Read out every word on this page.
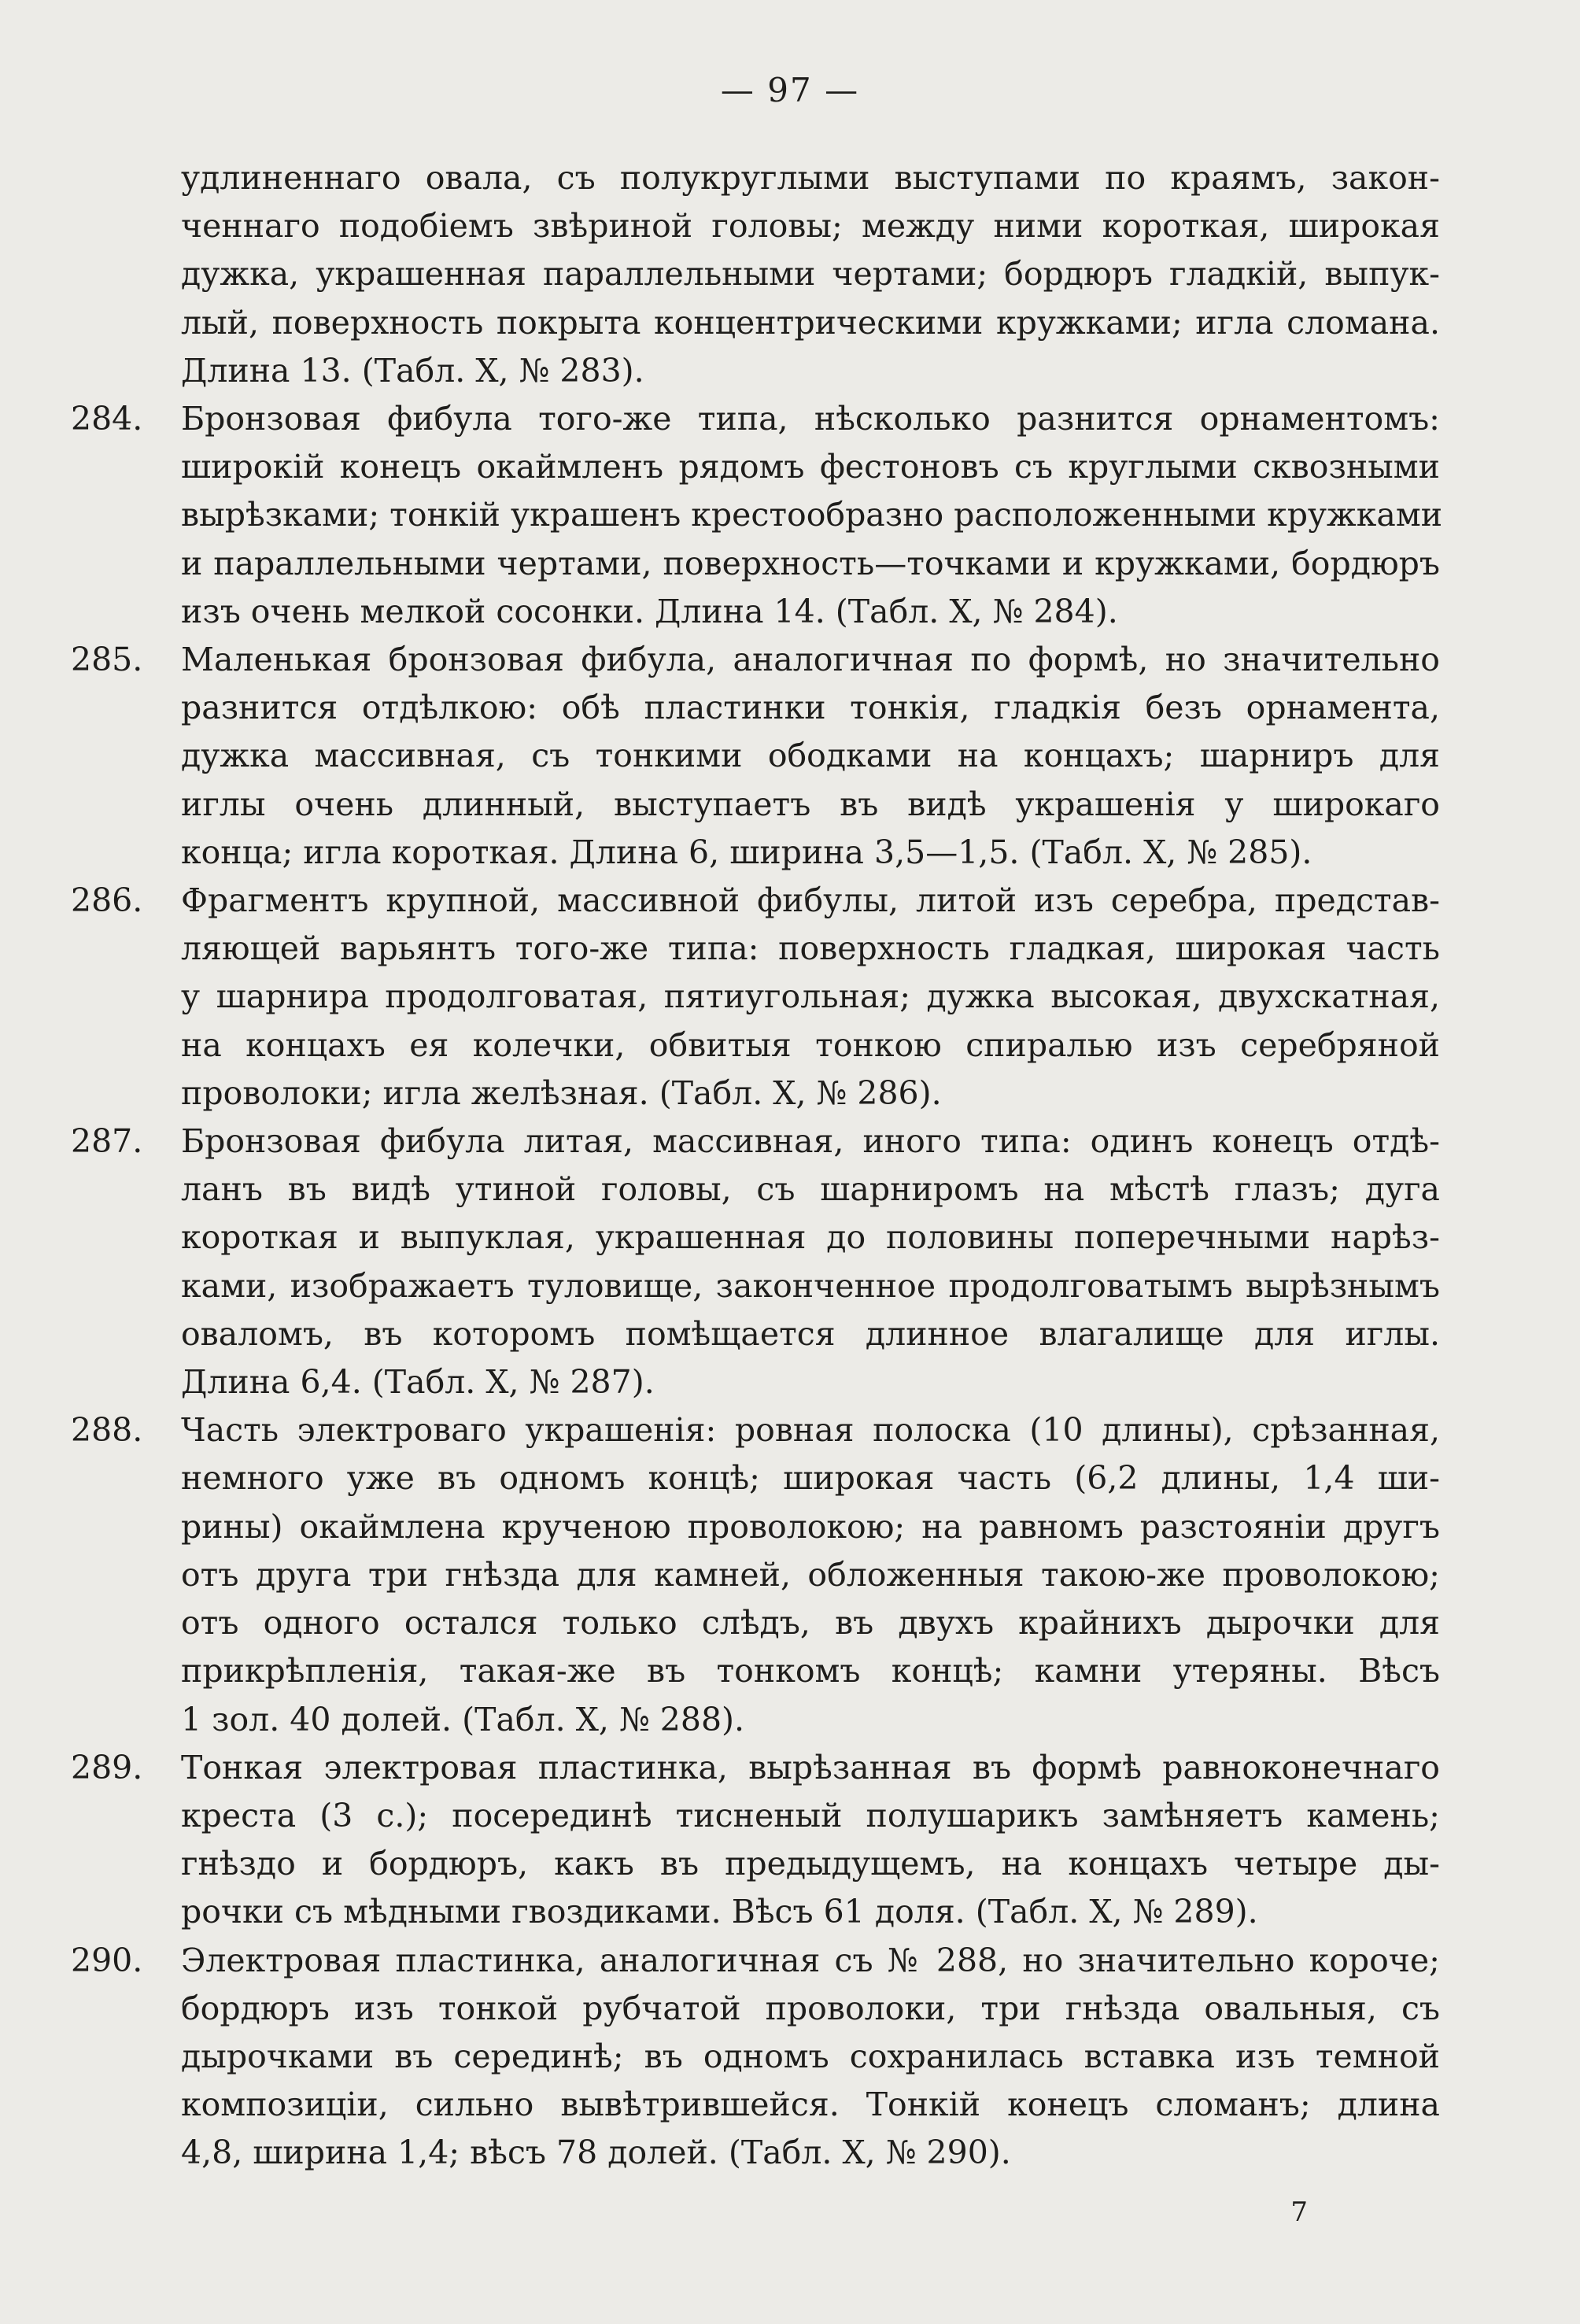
— 97 —
удлиненнаго овала, съ полукруглыми выступами по краямъ, закон-
ченнаго подобіемъ звѣриной головы; между ними короткая, широкая
дужка, украшенная параллельными чертами; бордюръ гладкій, выпук-
лый, поверхность покрыта концентрическими кружками; игла сломана.
Длина 13. (Табл. X, № 283).
284.	Бронзовая фибула того-же типа, нѣсколько разнится орнаментомъ:
широкій конецъ окаймленъ рядомъ фестоновъ съ круглыми сквозными
вырѣзками; тонкій украшенъ крестообразно расположенными кружками
и параллельными чертами, поверхность—точками и кружками, бордюръ
изъ очень мелкой сосонки. Длина 14. (Табл. X, № 284).
285.	Маленькая бронзовая фибула, аналогичная по формѣ, но значительно
разнится отдѣлкою: обѣ пластинки тонкія, гладкія безъ орнамента,
дужка массивная, съ тонкими ободками на концахъ; шарниръ для
иглы очень длинный, выступаетъ въ видѣ украшенія у широкаго
конца; игла короткая. Длина 6, ширина 3,5—1,5. (Табл. X, № 285).
286.	Фрагментъ крупной, массивной фибулы, литой изъ серебра, представ-
ляющей варьянтъ того-же типа: поверхность гладкая, широкая часть
у шарнира продолговатая, пятиугольная; дужка высокая, двухскатная,
на концахъ ея колечки, обвитыя тонкою спиралью изъ серебряной
проволоки; игла желѣзная. (Табл. X, № 286).
287.	Бронзовая фибула литая, массивная, иного типа: одинъ конецъ отдѣ-
ланъ въ видѣ утиной головы, съ шарниромъ на мѣстѣ глазъ; дуга
короткая и выпуклая, украшенная до половины поперечными нарѣз-
ками, изображаетъ туловище, законченное продолговатымъ вырѣзнымъ
оваломъ, въ которомъ помѣщается длинное влагалище для иглы.
Длина 6,4. (Табл. X, № 287).
288.	Часть электроваго украшенія: ровная полоска (10 длины), срѣзанная,
немного уже въ одномъ концѣ; широкая часть (6,2 длины, 1,4 ши-
рины) окаймлена крученою проволокою; на равномъ разстояніи другъ
отъ друга три гнѣзда для камней, обложенныя такою-же проволокою;
отъ одного остался только слѣдъ, въ двухъ крайнихъ дырочки для
прикрѣпленія, такая-же въ тонкомъ концѣ; камни утеряны. Вѣсъ
1 зол. 40 долей. (Табл. X, № 288).
289.	Тонкая электровая пластинка, вырѣзанная въ формѣ равноконечнаго
креста (3 с.); посерединѣ тисненый полушарикъ замѣняетъ камень;
гнѣздо и бордюръ, какъ въ предыдущемъ, на концахъ четыре ды-
рочки съ мѣдными гвоздиками. Вѣсъ 61 доля. (Табл. X, № 289).
290.	Электровая пластинка, аналогичная съ № 288, но значительно короче;
бордюръ изъ тонкой рубчатой проволоки, три гнѣзда овальныя, съ
дырочками въ серединѣ; въ одномъ сохранилась вставка изъ темной
композиціи, сильно вывѣтрившейся. Тонкій конецъ сломанъ; длина
4,8, ширина 1,4; вѣсъ 78 долей. (Табл. X, № 290).
7
